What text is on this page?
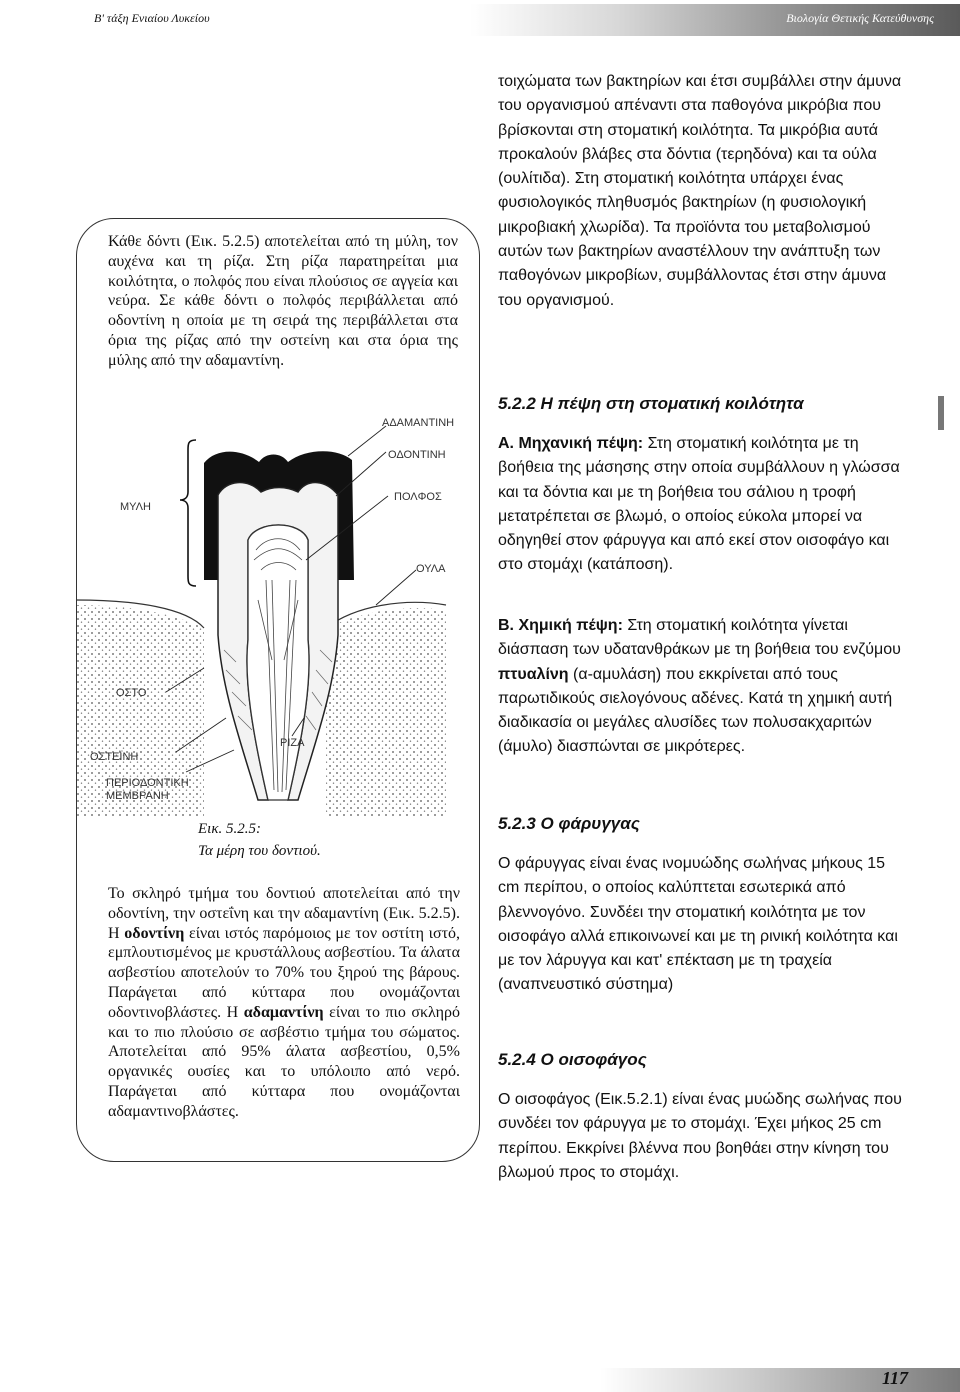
Β' τάξη Ενιαίου Λυκείου	Βιολογία Θετικής Κατεύθυνσης
Κάθε δόντι (Εικ. 5.2.5) αποτελείται από τη μύλη, τον αυχένα και τη ρίζα. Στη ρίζα παρατηρείται μια κοιλότητα, ο πολφός που είναι πλούσιος σε αγγεία και νεύρα. Σε κάθε δόντι ο πολφός περιβάλλεται από οδοντίνη η οποία με τη σειρά της περιβάλλεται στα όρια της ρίζας από την οστείνη και στα όρια της μύλης από την αδαμαντίνη.
ΑΔΑΜΑΝΤΙΝΗ
ΟΔΟΝΤΙΝΗ
ΠΟΛΦΟΣ
ΟΥΛΑ
ΜΥΛΗ
ΟΣΤΟ
ΟΣΤΕΪΝΗ
ΡΙΖΑ
ΠΕΡΙΟΔΟΝΤΙΚΗ
ΜΕΜΒΡΑΝΗ
Εικ. 5.2.5:
Τα μέρη του δοντιού.
Το σκληρό τμήμα του δοντιού αποτελείται από την οδοντίνη, την οστεΐνη και την αδαμαντίνη (Εικ. 5.2.5). Η οδοντίνη είναι ιστός παρόμοιος με τον οστίτη ιστό, εμπλουτισμένος με κρυστάλλους ασβεστίου. Τα άλατα ασβεστίου αποτελούν το 70% του ξηρού της βάρους. Παράγεται από κύτταρα που ονομάζονται οδοντινοβλάστες. Η αδαμαντίνη είναι το πιο σκληρό και το πιο πλούσιο σε ασβέστιο τμήμα του σώματος. Αποτελείται από 95% άλατα ασβεστίου, 0,5% οργανικές ουσίες και το υπόλοιπο από νερό. Παράγεται από κύτταρα που ονομάζονται αδαμαντινοβλάστες.
τοιχώματα των βακτηρίων και έτσι συμβάλλει στην άμυνα του οργανισμού απέναντι στα παθογόνα μικρόβια που βρίσκονται στη στοματική κοιλότητα. Τα μικρόβια αυτά προκαλούν βλάβες στα δόντια (τερηδόνα) και τα ούλα (ουλίτιδα). Στη στοματική κοιλότητα υπάρχει ένας φυσιολογικός πληθυσμός βακτηρίων (η φυσιολογική μικροβιακή χλωρίδα). Τα προϊόντα του μεταβολισμού αυτών των βακτηρίων αναστέλλουν την ανάπτυξη των παθογόνων μικροβίων, συμβάλλοντας έτσι στην άμυνα του οργανισμού.
5.2.2 Η πέψη στη στοματική κοιλότητα
Α. Μηχανική πέψη: Στη στοματική κοιλότητα με τη βοήθεια της μάσησης στην οποία συμβάλλουν η γλώσσα και τα δόντια και με τη βοήθεια του σάλιου η τροφή μετατρέπεται σε βλωμό, ο οποίος εύκολα μπορεί να οδηγηθεί στον φάρυγγα και από εκεί στον οισοφάγο και στο στομάχι (κατάποση).
Β. Χημική πέψη: Στη στοματική κοιλότητα γίνεται διάσπαση των υδατανθράκων με τη βοήθεια του ενζύμου πτυαλίνη (α-αμυλάση) που εκκρίνεται από τους παρωτιδικούς σιελογόνους αδένες. Κατά τη χημική αυτή διαδικασία οι μεγάλες αλυσίδες των πολυσακχαριτών (άμυλο) διασπώνται σε μικρότερες.
5.2.3 Ο φάρυγγας
Ο φάρυγγας είναι ένας ινομυώδης σωλήνας μήκους 15 cm περίπου, ο οποίος καλύπτεται εσωτερικά από βλεννογόνο. Συνδέει την στοματική κοιλότητα με τον οισοφάγο αλλά επικοινωνεί και με τη ρινική κοιλότητα και με τον λάρυγγα και κατ' επέκταση με τη τραχεία (αναπνευστικό σύστημα)
5.2.4 Ο οισοφάγος
Ο οισοφάγος (Εικ.5.2.1) είναι ένας μυώδης σωλήνας που συνδέει τον φάρυγγα με το στομάχι. Έχει μήκος 25 cm περίπου. Εκκρίνει βλέννα που βοηθάει στην κίνηση του βλωμού προς το στομάχι.
117
